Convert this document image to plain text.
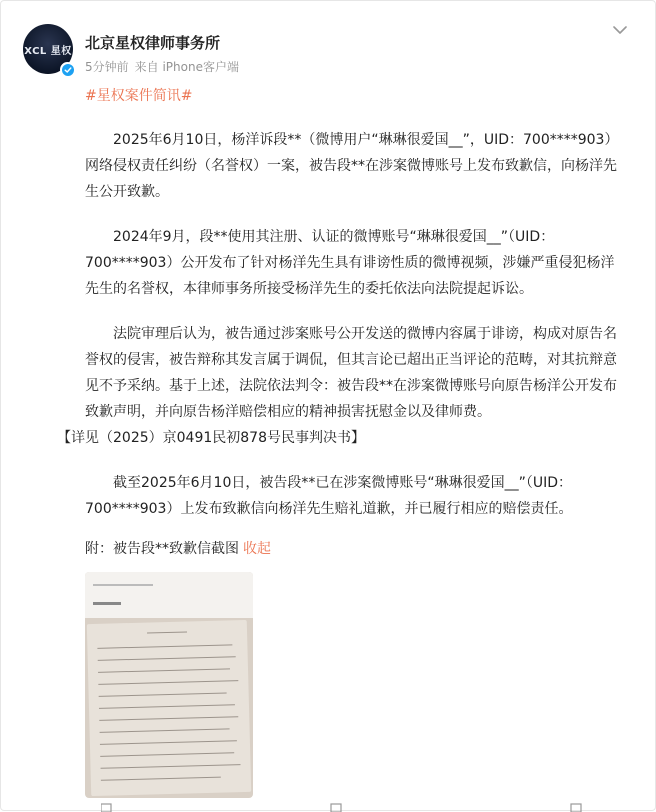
XCL 星权 北京星权律师事务所
5分钟前 来自 iPhone客户端
#星权案件简讯#

2025年6月10日，杨洋诉段**（微博用户“琳琳很爱国__”，UID：700****903）网络侵权责任纠纷（名誉权）一案，被告段**在涉案微博账号上发布致歉信，向杨洋先生公开致歉。

2024年9月，段**使用其注册、认证的微博账号“琳琳很爱国__”（UID：700****903）公开发布了针对杨洋先生具有诽谤性质的微博视频，涉嫌严重侵犯杨洋先生的名誉权，本律师事务所接受杨洋先生的委托依法向法院提起诉讼。

法院审理后认为，被告通过涉案账号公开发送的微博内容属于诽谤，构成对原告名誉权的侵害，被告辩称其发言属于调侃，但其言论已超出正当评论的范畴，对其抗辩意见不予采纳。基于上述，法院依法判令：被告段**在涉案微博账号向原告杨洋公开发布致歉声明，并向原告杨洋赔偿相应的精神损害抚慰金以及律师费。
【详见（2025）京0491民初878号民事判决书】

截至2025年6月10日，被告段**已在涉案微博账号“琳琳很爱国__”（UID：700****903）上发布致歉信向杨洋先生赔礼道歉，并已履行相应的赔偿责任。

附：被告段**致歉信截图 收起
